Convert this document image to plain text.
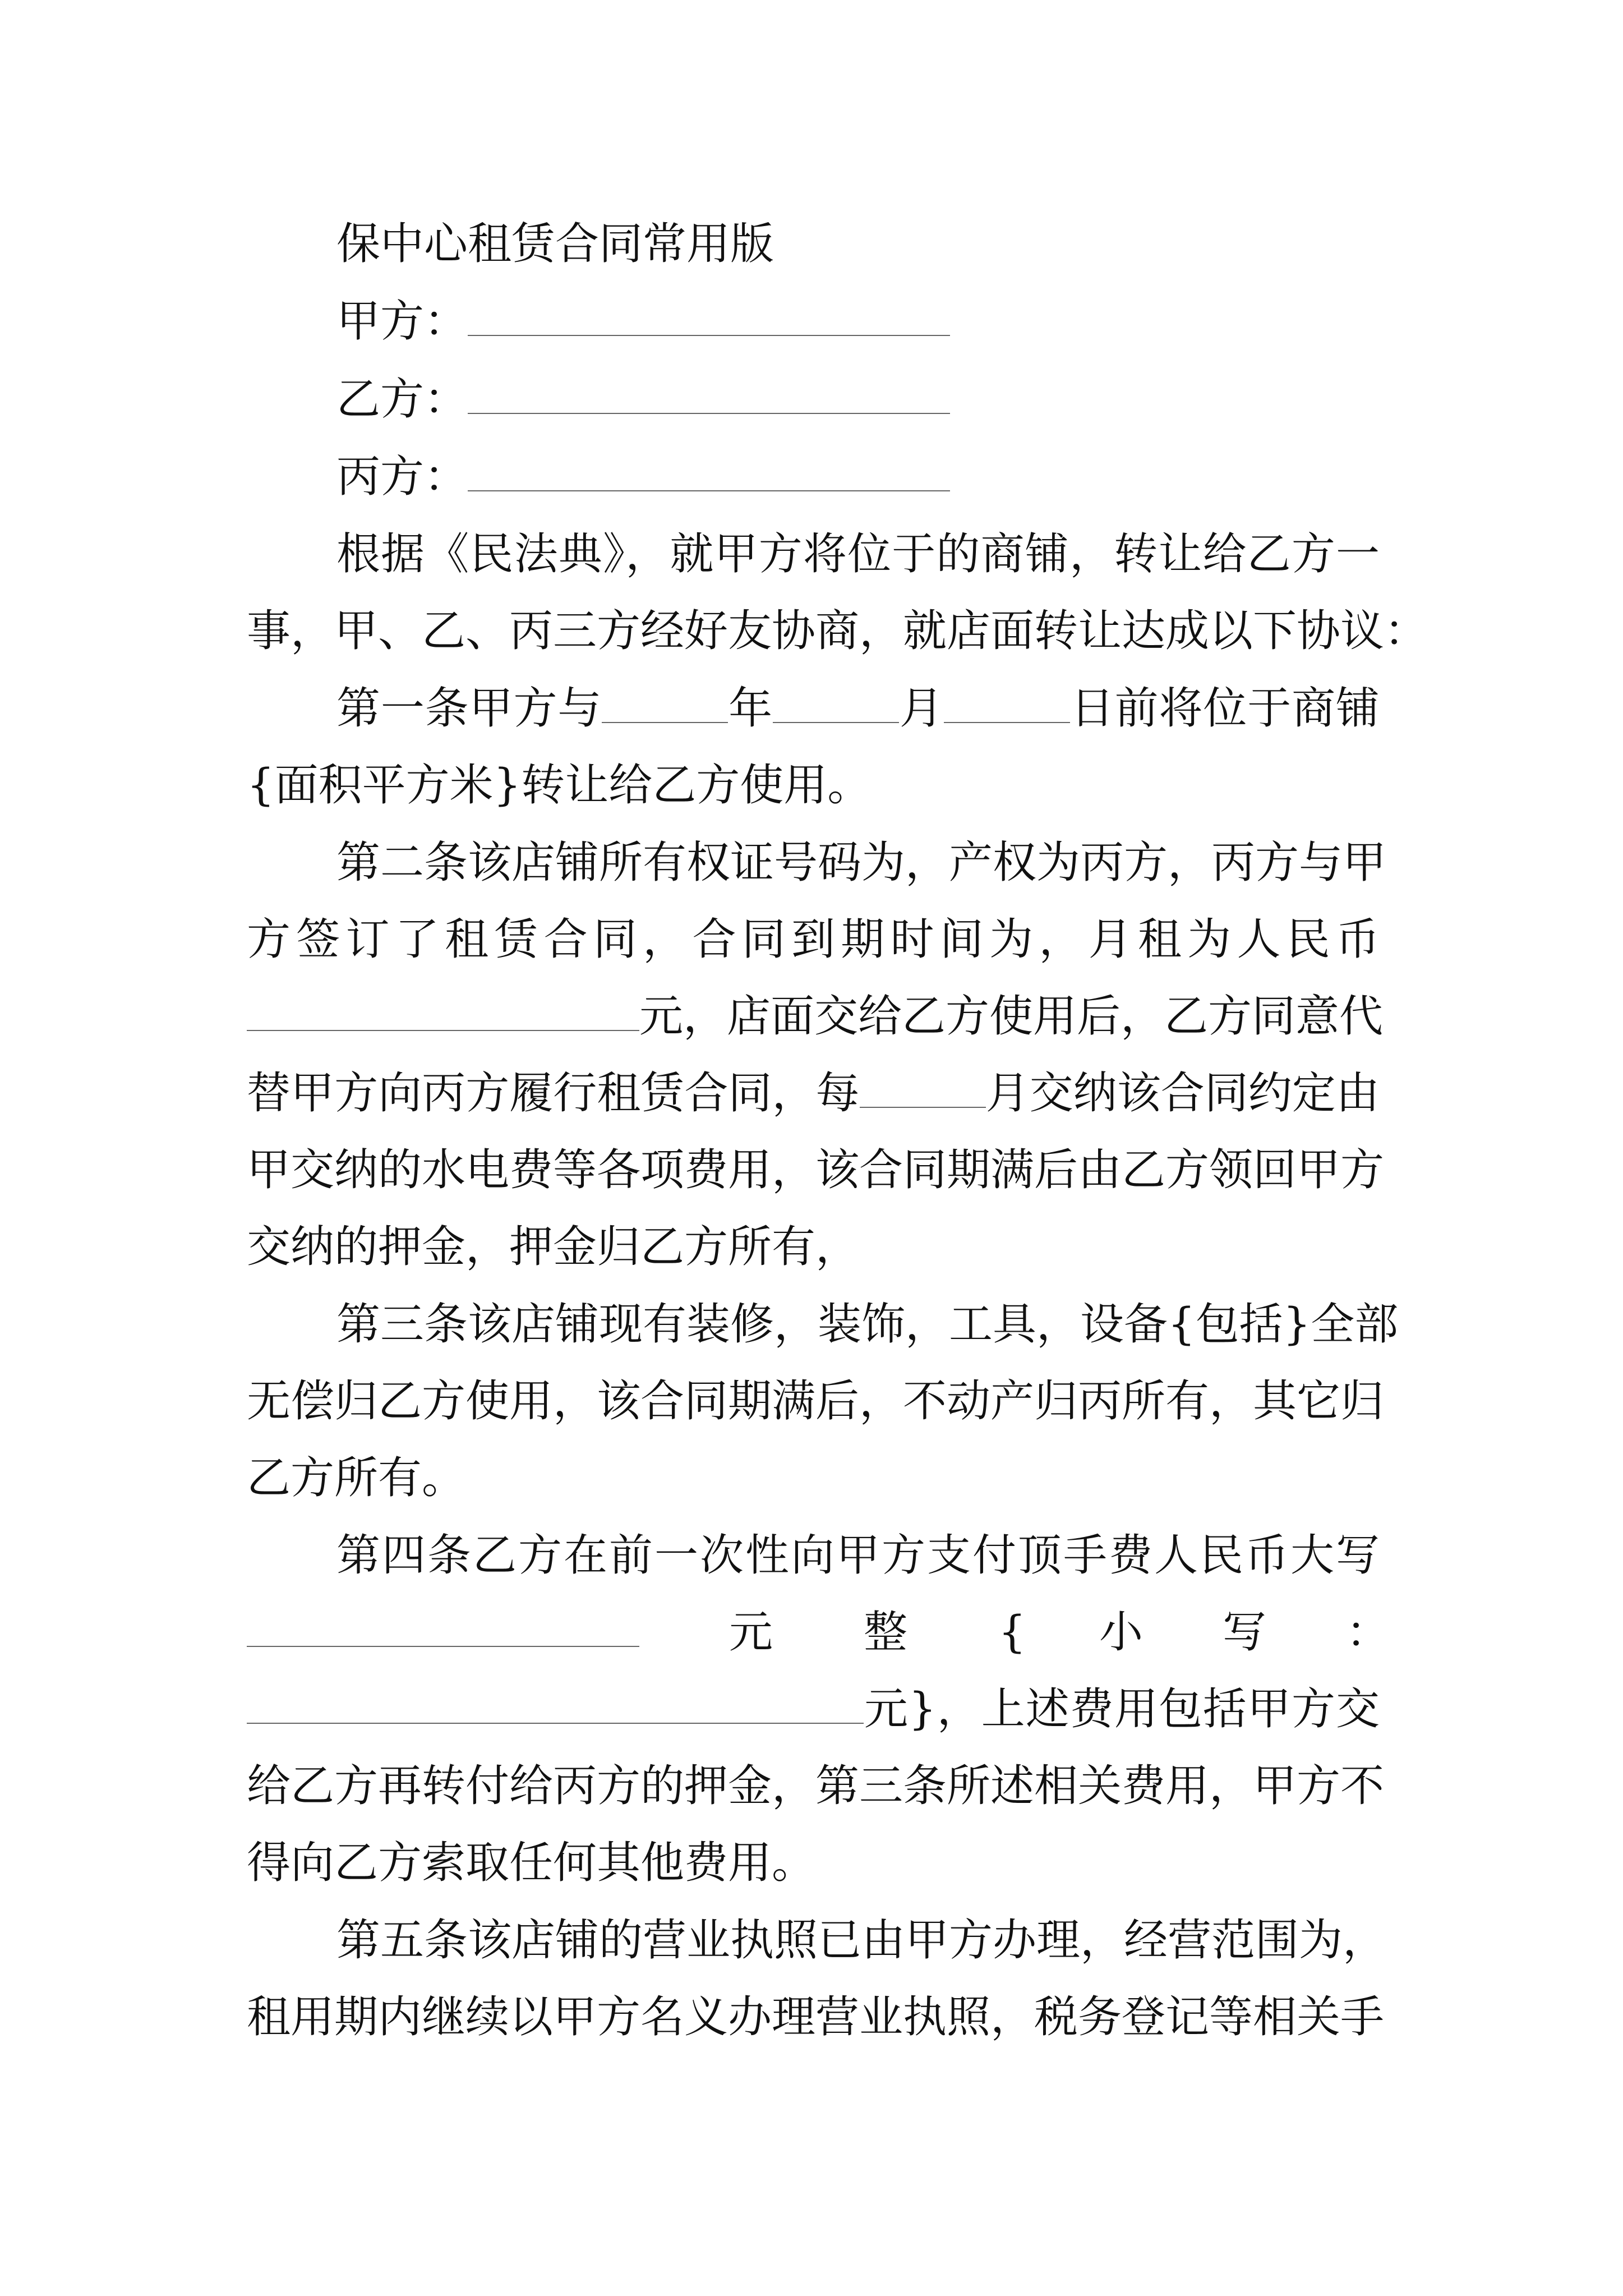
保中心租赁合同常用版
甲方：
乙方：
丙方：
根据《民法典》，就甲方将位于的商铺，转让给乙方一
事，甲、乙、丙三方经好友协商，就店面转让达成以下协议：
第一条甲方与	年	月	日前将位于商铺
{面积平方米}转让给乙方使用。
第二条该店铺所有权证号码为，产权为丙方，丙方与甲
方签订了租赁合同，合同到期时间为，月租为人民币
元，店面交给乙方使用后，乙方同意代
替甲方向丙方履行租赁合同，每	月交纳该合同约定由
甲交纳的水电费等各项费用，该合同期满后由乙方领回甲方
交纳的押金，押金归乙方所有，
第三条该店铺现有装修，装饰，工具，设备{包括}全部
无偿归乙方使用，该合同期满后，不动产归丙所有，其它归
乙方所有。
第四条乙方在前一次性向甲方支付顶手费人民币大写
元 整 { 小 写 ：
元}，上述费用包括甲方交
给乙方再转付给丙方的押金，第三条所述相关费用，甲方不
得向乙方索取任何其他费用。
第五条该店铺的营业执照已由甲方办理，经营范围为，
租用期内继续以甲方名义办理营业执照，税务登记等相关手
